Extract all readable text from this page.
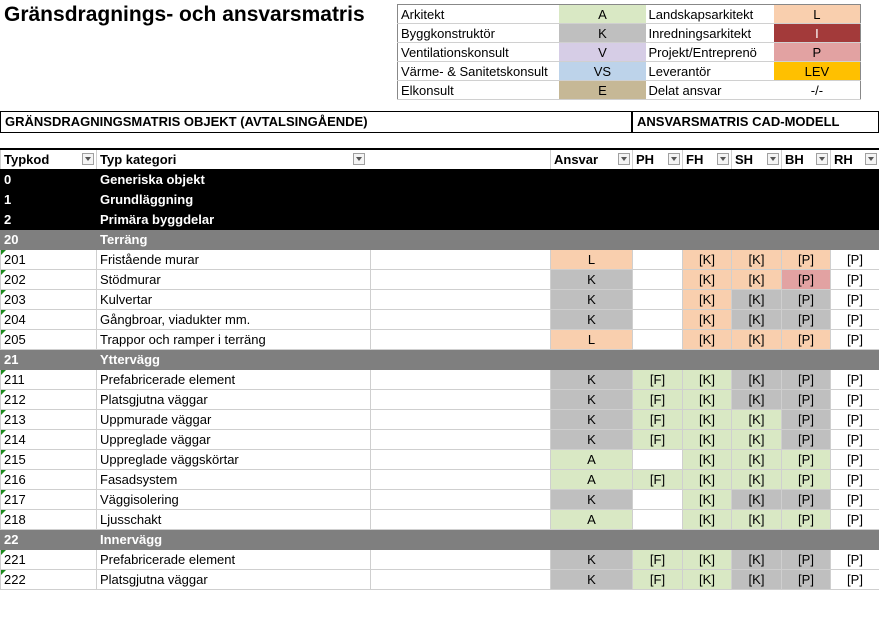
Gränsdragnings- och ansvarsmatris	Arkitekt	A	Landskapsarkitekt	L
Byggkonstruktör	K	Inredningsarkitekt	I
Ventilationskonsult	V	Projekt/Entreprenö	P
Värme- & Sanitetskonsult	VS	Leverantör	LEV
Elkonsult	E	Delat ansvar	-/-
GRÄNSDRAGNINGSMATRIS OBJEKT (AVTALSINGÅENDE)	ANSVARSMATRIS CAD-MODELL
Typkod	Typ kategori		Ansvar	PH	FH	SH	BH	RH

0	Generiska objekt							
1	Grundläggning							
2	Primära byggdelar							
20	Terräng							
201	Fristående murar		L		[K]	[K]	[P]	[P]
202	Stödmurar		K		[K]	[K]	[P]	[P]
203	Kulvertar		K		[K]	[K]	[P]	[P]
204	Gångbroar, viadukter mm.		K		[K]	[K]	[P]	[P]
205	Trappor och ramper i terräng		L		[K]	[K]	[P]	[P]
21	Yttervägg							
211	Prefabricerade element		K	[F]	[K]	[K]	[P]	[P]
212	Platsgjutna väggar		K	[F]	[K]	[K]	[P]	[P]
213	Uppmurade väggar		K	[F]	[K]	[K]	[P]	[P]
214	Uppreglade väggar		K	[F]	[K]	[K]	[P]	[P]
215	Uppreglade väggskörtar		A		[K]	[K]	[P]	[P]
216	Fasadsystem		A	[F]	[K]	[K]	[P]	[P]
217	Väggisolering		K		[K]	[K]	[P]	[P]
218	Ljusschakt		A		[K]	[K]	[P]	[P]
22	Innervägg							
221	Prefabricerade element		K	[F]	[K]	[K]	[P]	[P]
222	Platsgjutna väggar		K	[F]	[K]	[K]	[P]	[P]
